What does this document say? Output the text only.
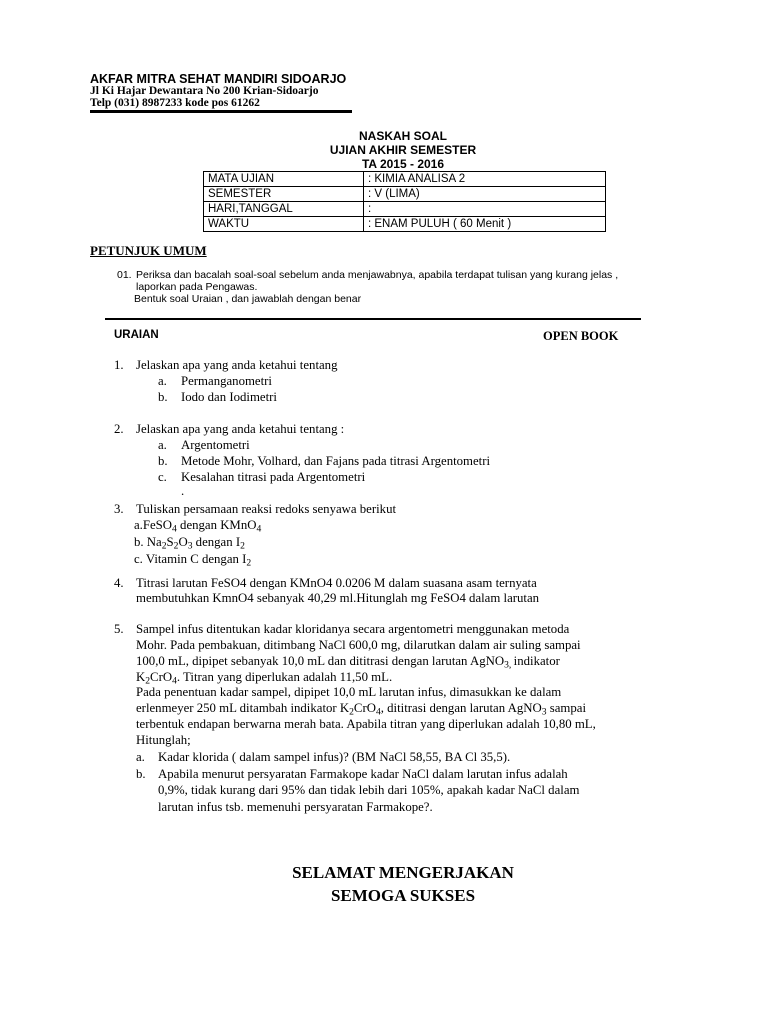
AKFAR MITRA SEHAT MANDIRI SIDOARJO
Jl Ki Hajar Dewantara No 200 Krian-Sidoarjo
Telp (031) 8987233 kode pos 61262
NASKAH SOAL
UJIAN AKHIR SEMESTER
TA 2015 - 2016
MATA UJIAN	: KIMIA ANALISA 2
SEMESTER	: V (LIMA)
HARI,TANGGAL	:
WAKTU	: ENAM PULUH ( 60 Menit )
PETUNJUK UMUM
01. Periksa dan bacalah soal-soal sebelum anda menjawabnya, apabila terdapat tulisan yang kurang jelas ,
laporkan pada Pengawas.
Bentuk soal Uraian , dan jawablah dengan benar
URAIAN	OPEN BOOK
1. Jelaskan apa yang anda ketahui tentang
a. Permanganometri
b. Iodo dan Iodimetri
2. Jelaskan apa yang anda ketahui tentang :
a. Argentometri
b. Metode Mohr, Volhard, dan Fajans pada titrasi Argentometri
c. Kesalahan titrasi pada Argentometri
.
3. Tuliskan persamaan reaksi redoks senyawa berikut
a.FeSO$_4$ dengan KMnO$_4$
b. $Na_2S_2O_3$ dengan $I_2$
c. Vitamin C dengan $I_2$
4. Titrasi larutan FeSO4 dengan KMnO4 0.0206 M dalam suasana asam ternyata
membutuhkan KmnO4 sebanyak 40,29 ml.Hitunglah mg FeSO4 dalam larutan
5. Sampel infus ditentukan kadar kloridanya secara argentometri menggunakan metoda
Mohr. Pada pembakuan, ditimbang NaCl 600,0 mg, dilarutkan dalam air suling sampai
100,0 mL, dipipet sebanyak 10,0 mL dan dititrasi dengan larutan AgNO$_{3,}$ indikator
$K_2CrO_4$. Titran yang diperlukan adalah 11,50 mL.
Pada penentuan kadar sampel, dipipet 10,0 mL larutan infus, dimasukkan ke dalam
erlenmeyer 250 mL ditambah indikator $K_2CrO_4$, dititrasi dengan larutan AgNO$_3$ sampai
terbentuk endapan berwarna merah bata. Apabila titran yang diperlukan adalah 10,80 mL,
Hitunglah;
a. Kadar klorida ( dalam sampel infus)? (BM NaCl 58,55, BA Cl 35,5).
b. Apabila menurut persyaratan Farmakope kadar NaCl dalam larutan infus adalah
0,9%, tidak kurang dari 95% dan tidak lebih dari 105%, apakah kadar NaCl dalam
larutan infus tsb. memenuhi persyaratan Farmakope?.
SELAMAT MENGERJAKAN
SEMOGA SUKSES
